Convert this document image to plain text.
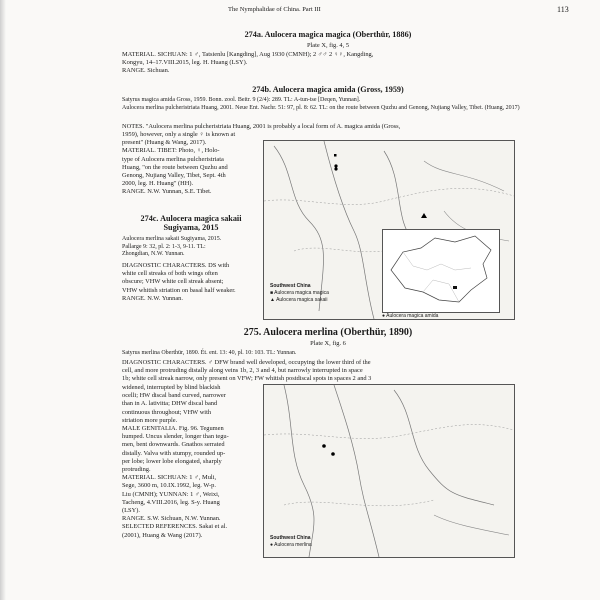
The Nymphalidae of China. Part III	113
274a. Aulocera magica magica (Oberthür, 1886)
Plate X, fig. 4, 5
MATERIAL. SICHUAN: 1 ♂, Tatsienlu [Kangding], Aug 1930 (CMNH); 2 ♂♂ 2 ♀♀, Kangding,
Kongyu, 14–17.VIII.2015, leg. H. Huang (LSY).
RANGE. Sichuan.
274b. Aulocera magica amida (Gross, 1959)
Satyrus magica amida Gross, 1959. Bonn. zool. Beitr. 9 (2/4): 289. TL: A-tun-tse [Deqen, Yunnan].
Aulocera merlina pulcheristriata Huang, 2001. Neue Ent. Nachr. 51: 97, pl. 8: 62. TL: on the route between Quzhu and Genong, Nujiang Valley, Tibet. (Huang, 2017)
NOTES. "Aulocera merlina pulcheristriata Huang, 2001 is probably a local form of A. magica amida (Gross,
1959), however, only a single ♀ is known at
present" (Huang & Wang, 2017).
MATERIAL. TIBET: Photo, ♀, Holo-
type of Aulocera merlina pulcheristriata
Huang, "on the route between Quzhu and
Genong, Nujiang Valley, Tibet, Sept. 4th
2000, leg. H. Huang" (HH).
RANGE. N.W. Yunnan, S.E. Tibet.
274c. Aulocera magica sakaii
Sugiyama, 2015
Aulocera merlina sakaii Sugiyama, 2015.
Pallarge 9: 32, pl. 2: 1-3, 9-11. TL:
Zhongdian, N.W. Yunnan.
DIAGNOSTIC CHARACTERS. DS with
white cell streaks of both wings often
obscure; VHW white cell streak absent;
VHW whitish striation on basal half weaker.
RANGE. N.W. Yunnan.
Southwest China
■ Aulocera magica magica
▲ Aulocera magica sakaii
● Aulocera magica amida
275. Aulocera merlina (Oberthür, 1890)
Plate X, fig. 6
Satyrus merlina Oberthür, 1890. Ét. ent. 13: 40, pl. 10: 103. TL: Yunnan.
DIAGNOSTIC CHARACTERS. ♂ DFW brand well developed, occupying the lower third of the
cell, and more protruding distally along veins 1b, 2, 3 and 4, but narrowly interrupted in space
1b; white cell streak narrow, only present on VFW; FW whitish postdiscal spots in spaces 2 and 3
widened, interrupted by blind blackish
ocelli; HW discal band curved, narrower
than in A. lativitta; DHW discal band
continuous throughout; VHW with
striation more purple.
MALE GENITALIA. Fig. 96. Tegumen
humped. Uncus slender, longer than tegu-
men, bent downwards. Gnathos serrated
distally. Valva with stumpy, rounded up-
per lobe; lower lobe elongated, sharply
protruding.
MATERIAL. SICHUAN: 1 ♂, Muli,
Sege, 3600 m, 10.IX.1992, leg. W-p.
Liu (CMNH); YUNNAN: 1 ♂, Weixi,
Tacheng, 4.VIII.2016, leg. S-y. Huang
(LSY).
RANGE. S.W. Sichuan, N.W. Yunnan.
SELECTED REFERENCES. Sakai et al.
(2001), Huang & Wang (2017).	Southwest China
● Aulocera merlina
